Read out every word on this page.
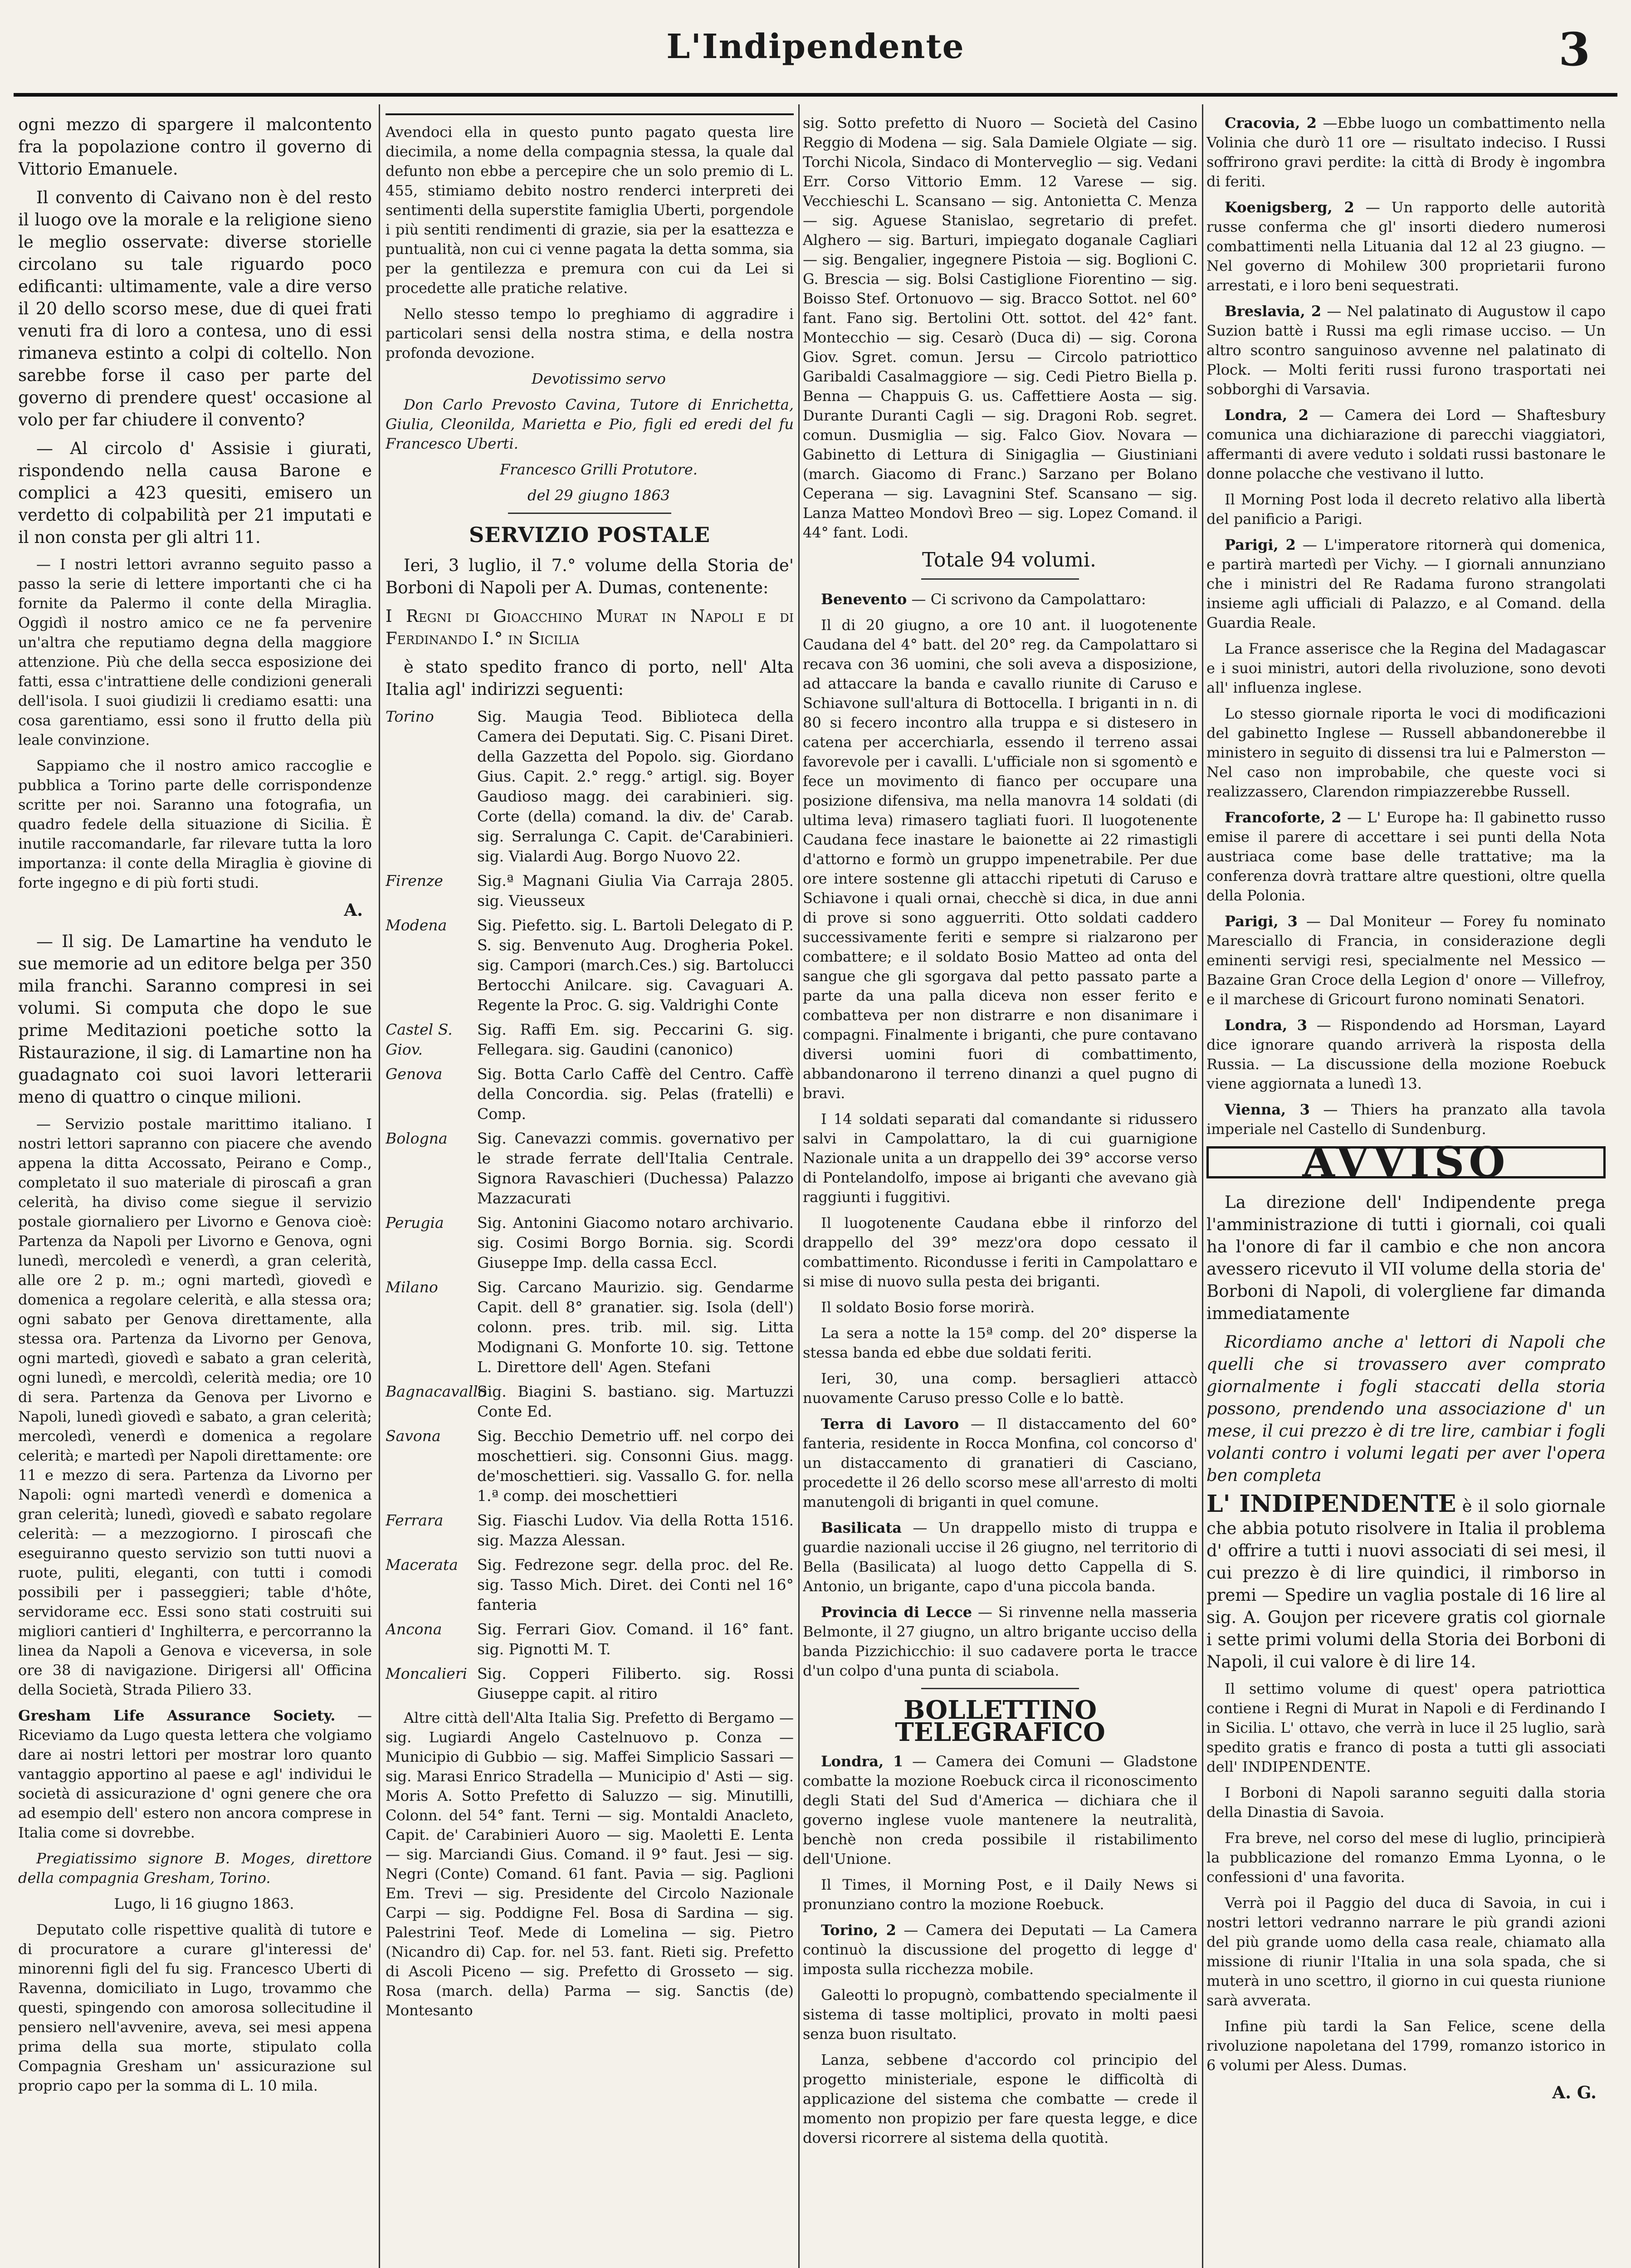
L'Indipendente	3

ogni mezzo di spargere il malcontento fra la popolazione contro il governo di Vittorio Emanuele.

Il convento di Caivano non è del resto il luogo ove la morale e la religione sieno le meglio osservate: diverse storielle circolano su tale riguardo poco edificanti: ultimamente, vale a dire verso il 20 dello scorso mese, due di quei frati venuti fra di loro a contesa, uno di essi rimaneva estinto a colpi di coltello. Non sarebbe forse il caso per parte del governo di prendere quest' occasione al volo per far chiudere il convento?

— Al circolo d' Assisie i giurati, rispondendo nella causa Barone e complici a 423 quesiti, emisero un verdetto di colpabilità per 21 imputati e il non consta per gli altri 11.

— I nostri lettori avranno seguito passo a passo la serie di lettere importanti che ci ha fornite da Palermo il conte della Miraglia. Oggidì il nostro amico ce ne fa pervenire un'altra che reputiamo degna della maggiore attenzione. Più che della secca esposizione dei fatti, essa c'intrattiene delle condizioni generali dell'isola. I suoi giudizii li crediamo esatti: una cosa garentiamo, essi sono il frutto della più leale convinzione.

Sappiamo che il nostro amico raccoglie e pubblica a Torino parte delle corrispondenze scritte per noi. Saranno una fotografia, un quadro fedele della situazione di Sicilia. È inutile raccomandarle, far rilevare tutta la loro importanza: il conte della Miraglia è giovine di forte ingegno e di più forti studi.

A.

— Il sig. De Lamartine ha venduto le sue memorie ad un editore belga per 350 mila franchi. Saranno compresi in sei volumi. Si computa che dopo le sue prime Meditazioni poetiche sotto la Ristaurazione, il sig. di Lamartine non ha guadagnato coi suoi lavori letterarii meno di quattro o cinque milioni.

— Servizio postale marittimo italiano. I nostri lettori sapranno con piacere che avendo appena la ditta Accossato, Peirano e Comp., completato il suo materiale di piroscafi a gran celerità, ha diviso come siegue il servizio postale giornaliero per Livorno e Genova cioè: Partenza da Napoli per Livorno e Genova, ogni lunedì, mercoledì e venerdì, a gran celerità, alle ore 2 p. m.; ogni martedì, giovedì e domenica a regolare celerità, e alla stessa ora; ogni sabato per Genova direttamente, alla stessa ora. Partenza da Livorno per Genova, ogni martedì, giovedì e sabato a gran celerità, ogni lunedì, e mercoldì, celerità media; ore 10 di sera. Partenza da Genova per Livorno e Napoli, lunedì giovedì e sabato, a gran celerità; mercoledì, venerdì e domenica a regolare celerità; e martedì per Napoli direttamente: ore 11 e mezzo di sera. Partenza da Livorno per Napoli: ogni martedì venerdì e domenica a gran celerità; lunedì, giovedì e sabato regolare celerità: — a mezzogiorno. I piroscafi che eseguiranno questo servizio son tutti nuovi a ruote, puliti, eleganti, con tutti i comodi possibili per i passeggieri; table d'hôte, servidorame ecc. Essi sono stati costruiti sui migliori cantieri d' Inghilterra, e percorranno la linea da Napoli a Genova e viceversa, in sole ore 38 di navigazione. Dirigersi all' Officina della Società, Strada Piliero 33.

Gresham Life Assurance Society. —Riceviamo da Lugo questa lettera che volgiamo dare ai nostri lettori per mostrar loro quanto vantaggio apportino al paese e agl' individui le società di assicurazione d' ogni genere che ora ad esempio dell' estero non ancora comprese in Italia come si dovrebbe.

Pregiatissimo signore B. Moges, direttore della compagnia Gresham, Torino.

Lugo, li 16 giugno 1863.

Deputato colle rispettive qualità di tutore e di procuratore a curare gl'interessi de' minorenni figli del fu sig. Francesco Uberti di Ravenna, domiciliato in Lugo, trovammo che questi, spingendo con amorosa sollecitudine il pensiero nell'avvenire, aveva, sei mesi appena prima della sua morte, stipulato colla Compagnia Gresham un' assicurazione sul proprio capo per la somma di L. 10 mila.

Avendoci ella in questo punto pagato questa lire diecimila, a nome della compagnia stessa, la quale dal defunto non ebbe a percepire che un solo premio di L. 455, stimiamo debito nostro renderci interpreti dei sentimenti della superstite famiglia Uberti, porgendole i più sentiti rendimenti di grazie, sia per la esattezza e puntualità, non cui ci venne pagata la detta somma, sia per la gentilezza e premura con cui da Lei si procedette alle pratiche relative.

Nello stesso tempo lo preghiamo di aggradire i particolari sensi della nostra stima, e della nostra profonda devozione.

Devotissimo servo

Don Carlo Prevosto Cavina, Tutore di Enrichetta, Giulia, Cleonilda, Marietta e Pio, figli ed eredi del fu Francesco Uberti.

Francesco Grilli Protutore.

del 29 giugno 1863

SERVIZIO POSTALE

Ieri, 3 luglio, il 7.° volume della Storia de' Borboni di Napoli per A. Dumas, contenente:

I Regni di Gioacchino Murat in Napoli e di Ferdinando I.° in Sicilia

è stato spedito franco di porto, nell' Alta Italia agl' indirizzi seguenti:

Torino	Sig. Maugia Teod. Biblioteca della Camera dei Deputati. Sig. C. Pisani Diret. della Gazzetta del Popolo. sig. Giordano Gius. Capit. 2.° regg.° artigl. sig. Boyer Gaudioso magg. dei carabinieri. sig. Corte (della) comand. la div. de' Carab. sig. Serralunga C. Capit. de'Carabinieri. sig. Vialardi Aug. Borgo Nuovo 22.
Firenze	Sig.ª Magnani Giulia Via Carraja 2805. sig. Vieusseux
Modena	Sig. Piefetto. sig. L. Bartoli Delegato di P. S. sig. Benvenuto Aug. Drogheria Pokel. sig. Campori (march.Ces.) sig. Bartolucci Bertocchi Anilcare. sig. Cavaguari A. Regente la Proc. G. sig. Valdrighi Conte
Castel S. Giov.
Sig. Raffi Em. sig. Peccarini G. sig. Fellegara. sig. Gaudini (canonico)
Genova	Sig. Botta Carlo Caffè del Centro. Caffè della Concordia. sig. Pelas (fratelli) e Comp.
Bologna	Sig. Canevazzi commis. governativo per le strade ferrate dell'Italia Centrale. Signora Ravaschieri (Duchessa) Palazzo Mazzacurati
Perugia	Sig. Antonini Giacomo notaro archivario. sig. Cosimi Borgo Bornia. sig. Scordi Giuseppe Imp. della cassa Eccl.
Milano	Sig. Carcano Maurizio. sig. Gendarme Capit. dell 8° granatier. sig. Isola (dell') colonn. pres. trib. mil. sig. Litta Modignani G. Monforte 10. sig. Tettone L. Direttore dell' Agen. Stefani
Bagnacavallo
Sig. Biagini S. bastiano. sig. Martuzzi Conte Ed.
Savona	Sig. Becchio Demetrio uff. nel corpo dei moschettieri. sig. Consonni Gius. magg. de'moschettieri. sig. Vassallo G. for. nella 1.ª comp. dei moschettieri
Ferrara	Sig. Fiaschi Ludov. Via della Rotta 1516. sig. Mazza Alessan.
Macerata	Sig. Fedrezone segr. della proc. del Re. sig. Tasso Mich. Diret. dei Conti nel 16° fanteria
Ancona	Sig. Ferrari Giov. Comand. il 16° fant. sig. Pignotti M. T.
Moncalieri Sig. Copperi Filiberto. sig. Rossi Giuseppe capit. al ritiro

Altre città dell'Alta Italia Sig. Prefetto di Bergamo — sig. Lugiardi Angelo Castelnuovo p. Conza — Municipio di Gubbio — sig. Maffei Simplicio Sassari — sig. Marasi Enrico Stradella — Municipio d' Asti — sig. Moris A. Sotto Prefetto di Saluzzo — sig. Minutilli, Colonn. del 54° fant. Terni — sig. Montaldi Anacleto, Capit. de' Carabinieri Auoro — sig. Maoletti E. Lenta — sig. Marciandi Gius. Comand. il 9° faut. Jesi — sig. Negri (Conte) Comand. 61 fant. Pavia — sig. Paglioni Em. Trevi — sig. Presidente del Circolo Nazionale Carpi — sig. Poddigne Fel. Bosa di Sardina — sig. Palestrini Teof. Mede di Lomelina — sig. Pietro (Nicandro di) Cap. for. nel 53. fant. Rieti sig. Prefetto di Ascoli Piceno — sig. Prefetto di Grosseto — sig. Rosa (march. della) Parma — sig. Sanctis (de) Montesanto

sig. Sotto prefetto di Nuoro — Società del Casino Reggio di Modena — sig. Sala Damiele Olgiate — sig. Torchi Nicola, Sindaco di Monterveglio — sig. Vedani Err. Corso Vittorio Emm. 12 Varese — sig. Vecchieschi L. Scansano — sig. Antonietta C. Menza — sig. Aguese Stanislao, segretario di prefet. Alghero — sig. Barturi, impiegato doganale Cagliari — sig. Bengalier, ingegnere Pistoia — sig. Boglioni C. G. Brescia — sig. Bolsi Castiglione Fiorentino — sig. Boisso Stef. Ortonuovo — sig. Bracco Sottot. nel 60° fant. Fano sig. Bertolini Ott. sottot. del 42° fant. Montecchio — sig. Cesarò (Duca di) — sig. Corona Giov. Sgret. comun. Jersu — Circolo patriottico Garibaldi Casalmaggiore — sig. Cedi Pietro Biella p. Benna — Chappuis G. us. Caffettiere Aosta — sig. Durante Duranti Cagli — sig. Dragoni Rob. segret. comun. Dusmiglia — sig. Falco Giov. Novara — Gabinetto di Lettura di Sinigaglia — Giustiniani (march. Giacomo di Franc.) Sarzano per Bolano Ceperana — sig. Lavagnini Stef. Scansano — sig. Lanza Matteo Mondovì Breo — sig. Lopez Comand. il 44° fant. Lodi.

Totale 94 volumi.

Benevento — Ci scrivono da Campolattaro:

Il di 20 giugno, a ore 10 ant. il luogotenente Caudana del 4° batt. del 20° reg. da Campolattaro si recava con 36 uomini, che soli aveva a disposizione, ad attaccare la banda e cavallo riunite di Caruso e Schiavone sull'altura di Bottocella. I briganti in n. di 80 si fecero incontro alla truppa e si distesero in catena per accerchiarla, essendo il terreno assai favorevole per i cavalli. L'ufficiale non si sgomentò e fece un movimento di fianco per occupare una posizione difensiva, ma nella manovra 14 soldati (di ultima leva) rimasero tagliati fuori. Il luogotenente Caudana fece inastare le baionette ai 22 rimastigli d'attorno e formò un gruppo impenetrabile. Per due ore intere sostenne gli attacchi ripetuti di Caruso e Schiavone i quali ornai, checchè si dica, in due anni di prove si sono agguerriti. Otto soldati caddero successivamente feriti e sempre si rialzarono per combattere; e il soldato Bosio Matteo ad onta del sangue che gli sgorgava dal petto passato parte a parte da una palla diceva non esser ferito e combatteva per non distrarre e non disanimare i compagni. Finalmente i briganti, che pure contavano diversi uomini fuori di combattimento, abbandonarono il terreno dinanzi a quel pugno di bravi.

I 14 soldati separati dal comandante si ridussero salvi in Campolattaro, la di cui guarnigione Nazionale unita a un drappello dei 39° accorse verso di Pontelandolfo, impose ai briganti che avevano già raggiunti i fuggitivi.

Il luogotenente Caudana ebbe il rinforzo del drappello del 39° mezz'ora dopo cessato il combattimento. Ricondusse i feriti in Campolattaro e si mise di nuovo sulla pesta dei briganti.

Il soldato Bosio forse morirà.

La sera a notte la 15ª comp. del 20° disperse la stessa banda ed ebbe due soldati feriti.

Ieri, 30, una comp. bersaglieri attaccò nuovamente Caruso presso Colle e lo battè.

Terra di Lavoro — Il distaccamento del 60° fanteria, residente in Rocca Monfina, col concorso d' un distaccamento di granatieri di Casciano, procedette il 26 dello scorso mese all'arresto di molti manutengoli di briganti in quel comune.

Basilicata — Un drappello misto di truppa e guardie nazionali uccise il 26 giugno, nel territorio di Bella (Basilicata) al luogo detto Cappella di S. Antonio, un brigante, capo d'una piccola banda.

Provincia di Lecce — Si rinvenne nella masseria Belmonte, il 27 giugno, un altro brigante ucciso della banda Pizzichicchio: il suo cadavere porta le tracce d'un colpo d'una punta di sciabola.

BOLLETTINO TELEGRAFICO

Londra, 1 — Camera dei Comuni — Gladstone combatte la mozione Roebuck circa il riconoscimento degli Stati del Sud d'America — dichiara che il governo inglese vuole mantenere la neutralità, benchè non creda possibile il ristabilimento dell'Unione.

Il Times, il Morning Post, e il Daily News si pronunziano contro la mozione Roebuck.

Torino, 2 — Camera dei Deputati — La Camera continuò la discussione del progetto di legge d' imposta sulla ricchezza mobile.

Galeotti lo propugnò, combattendo specialmente il sistema di tasse moltiplici, provato in molti paesi senza buon risultato.

Lanza, sebbene d'accordo col principio del progetto ministeriale, espone le difficoltà di applicazione del sistema che combatte — crede il momento non propizio per fare questa legge, e dice doversi ricorrere al sistema della quotità.

Cracovia, 2 —Ebbe luogo un combattimento nella Volinia che durò 11 ore — risultato indeciso. I Russi soffrirono gravi perdite: la città di Brody è ingombra di feriti.

Koenigsberg, 2 — Un rapporto delle autorità russe conferma che gl' insorti diedero numerosi combattimenti nella Lituania dal 12 al 23 giugno. — Nel governo di Mohilew 300 proprietarii furono arrestati, e i loro beni sequestrati.

Breslavia, 2 — Nel palatinato di Augustow il capo Suzion battè i Russi ma egli rimase ucciso. — Un altro scontro sanguinoso avvenne nel palatinato di Plock. — Molti feriti russi furono trasportati nei sobborghi di Varsavia.

Londra, 2 — Camera dei Lord — Shaftesbury comunica una dichiarazione di parecchi viaggiatori, affermanti di avere veduto i soldati russi bastonare le donne polacche che vestivano il lutto.

Il Morning Post loda il decreto relativo alla libertà del panificio a Parigi.

Parigi, 2 — L'imperatore ritornerà qui domenica, e partirà martedì per Vichy. — I giornali annunziano che i ministri del Re Radama furono strangolati insieme agli ufficiali di Palazzo, e al Comand. della Guardia Reale.

La France asserisce che la Regina del Madagascar e i suoi ministri, autori della rivoluzione, sono devoti all' influenza inglese.

Lo stesso giornale riporta le voci di modificazioni del gabinetto Inglese — Russell abbandonerebbe il ministero in seguito di dissensi tra lui e Palmerston — Nel caso non improbabile, che queste voci si realizzassero, Clarendon rimpiazzerebbe Russell.

Francoforte, 2 — L' Europe ha: Il gabinetto russo emise il parere di accettare i sei punti della Nota austriaca come base delle trattative; ma la conferenza dovrà trattare altre questioni, oltre quella della Polonia.

Parigi, 3 — Dal Moniteur — Forey fu nominato Maresciallo di Francia, in considerazione degli eminenti servigi resi, specialmente nel Messico — Bazaine Gran Croce della Legion d' onore — Villefroy, e il marchese di Gricourt furono nominati Senatori.

Londra, 3 — Rispondendo ad Horsman, Layard dice ignorare quando arriverà la risposta della Russia. — La discussione della mozione Roebuck viene aggiornata a lunedì 13.

Vienna, 3 — Thiers ha pranzato alla tavola imperiale nel Castello di Sundenburg.

AVVISO

La direzione dell' Indipendente prega l'amministrazione di tutti i giornali, coi quali ha l'onore di far il cambio e che non ancora avessero ricevuto il VII volume della storia de' Borboni di Napoli, di volergliene far dimanda immediatamente

Ricordiamo anche a' lettori di Napoli che quelli che si trovassero aver comprato giornalmente i fogli staccati della storia possono, prendendo una associazione d' un mese, il cui prezzo è di tre lire, cambiar i fogli volanti contro i volumi legati per aver l'opera ben completa

L' INDIPENDENTE è il solo giornale che abbia potuto risolvere in Italia il problema d' offrire a tutti i nuovi associati di sei mesi, il cui prezzo è di lire quindici, il rimborso in premi — Spedire un vaglia postale di 16 lire al sig. A. Goujon per ricevere gratis col giornale i sette primi volumi della Storia dei Borboni di Napoli, il cui valore è di lire 14.

Il settimo volume di quest' opera patriottica contiene i Regni di Murat in Napoli e di Ferdinando I in Sicilia. L' ottavo, che verrà in luce il 25 luglio, sarà spedito gratis e franco di posta a tutti gli associati dell' INDIPENDENTE.

I Borboni di Napoli saranno seguiti dalla storia della Dinastia di Savoia.

Fra breve, nel corso del mese di luglio, principierà la pubblicazione del romanzo Emma Lyonna, o le confessioni d' una favorita.

Verrà poi il Paggio del duca di Savoia, in cui i nostri lettori vedranno narrare le più grandi azioni del più grande uomo della casa reale, chiamato alla missione di riunir l'Italia in una sola spada, che si muterà in uno scettro, il giorno in cui questa riunione sarà avverata.

Infine più tardi la San Felice, scene della rivoluzione napoletana del 1799, romanzo istorico in 6 volumi per Aless. Dumas.

A. G.
